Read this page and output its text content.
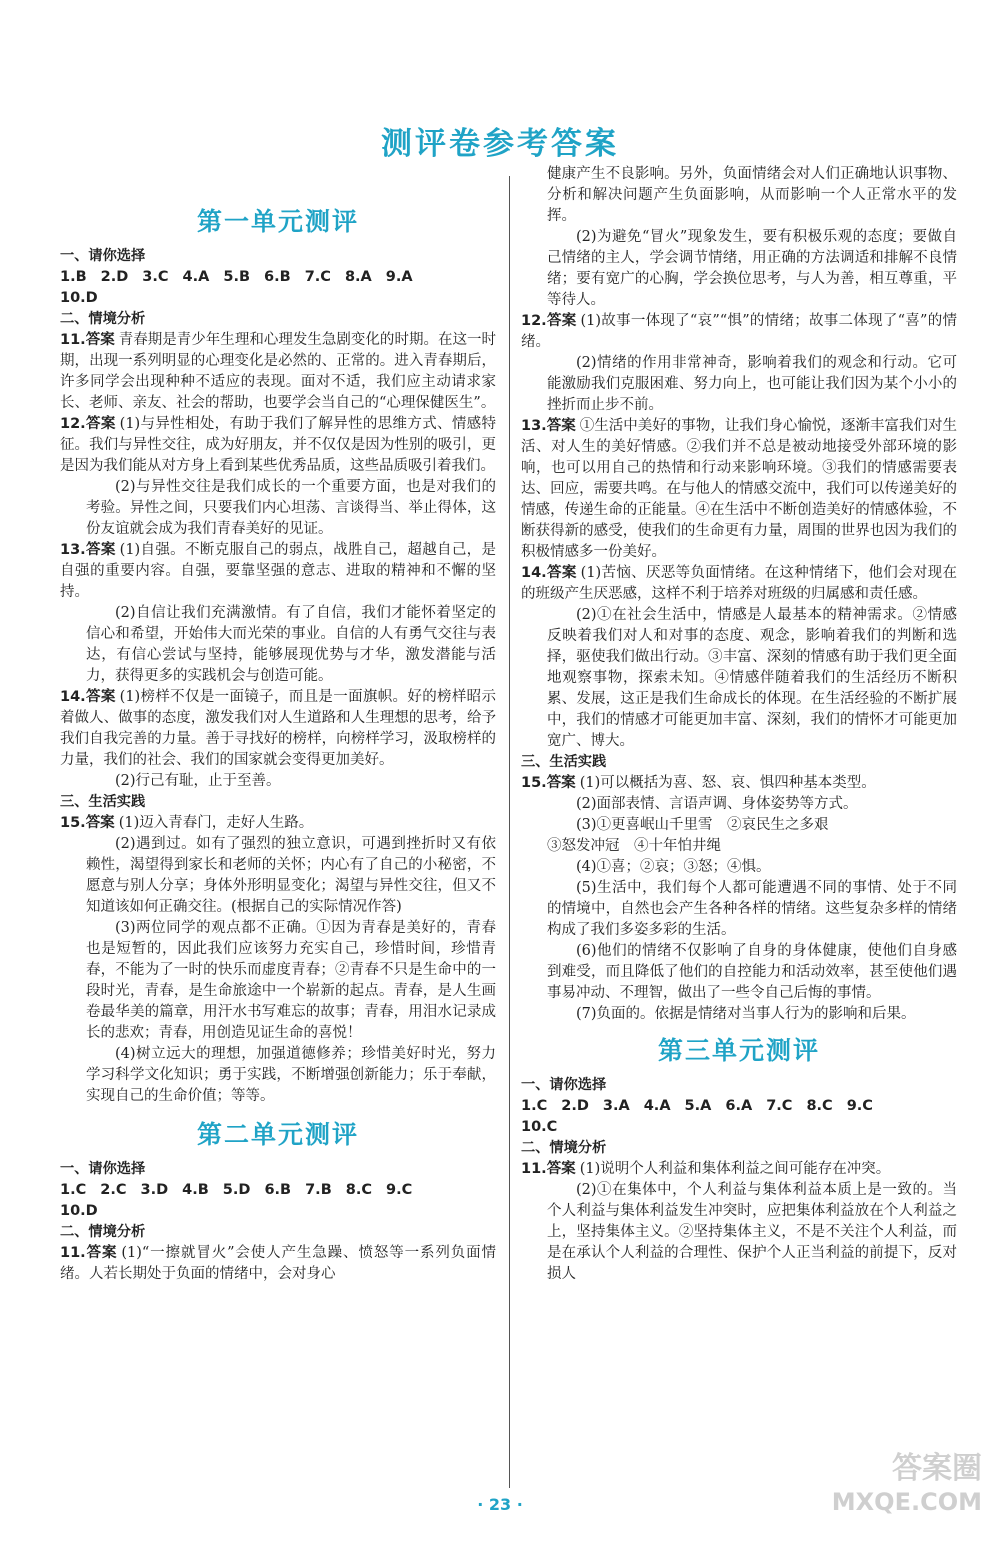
测评卷参考答案
第一单元测评
一、请你选择
1.B 2.D 3.C 4.A 5.B 6.B 7.C 8.A 9.A
10.D
二、情境分析
11.答案 青春期是青少年生理和心理发生急剧变化的时期。在这一时期，出现一系列明显的心理变化是必然的、正常的。进入青春期后，许多同学会出现种种不适应的表现。面对不适，我们应主动请求家长、老师、亲友、社会的帮助，也要学会当自己的“心理保健医生”。
12.答案 (1)与异性相处，有助于我们了解异性的思维方式、情感特征。我们与异性交往，成为好朋友，并不仅仅是因为性别的吸引，更是因为我们能从对方身上看到某些优秀品质，这些品质吸引着我们。
(2)与异性交往是我们成长的一个重要方面，也是对我们的考验。异性之间，只要我们内心坦荡、言谈得当、举止得体，这份友谊就会成为我们青春美好的见证。
13.答案 (1)自强。不断克服自己的弱点，战胜自己，超越自己，是自强的重要内容。自强，要靠坚强的意志、进取的精神和不懈的坚持。
(2)自信让我们充满激情。有了自信，我们才能怀着坚定的信心和希望，开始伟大而光荣的事业。自信的人有勇气交往与表达，有信心尝试与坚持，能够展现优势与才华，激发潜能与活力，获得更多的实践机会与创造可能。
14.答案 (1)榜样不仅是一面镜子，而且是一面旗帜。好的榜样昭示着做人、做事的态度，激发我们对人生道路和人生理想的思考，给予我们自我完善的力量。善于寻找好的榜样，向榜样学习，汲取榜样的力量，我们的社会、我们的国家就会变得更加美好。
(2)行己有耻，止于至善。
三、生活实践
15.答案 (1)迈入青春门，走好人生路。
(2)遇到过。如有了强烈的独立意识，可遇到挫折时又有依赖性，渴望得到家长和老师的关怀；内心有了自己的小秘密，不愿意与别人分享；身体外形明显变化；渴望与异性交往，但又不知道该如何正确交往。(根据自己的实际情况作答)
(3)两位同学的观点都不正确。①因为青春是美好的，青春也是短暂的，因此我们应该努力充实自己，珍惜时间，珍惜青春，不能为了一时的快乐而虚度青春；②青春不只是生命中的一段时光，青春，是生命旅途中一个崭新的起点。青春，是人生画卷最华美的篇章，用汗水书写难忘的故事；青春，用泪水记录成长的悲欢；青春，用创造见证生命的喜悦！
(4)树立远大的理想，加强道德修养；珍惜美好时光，努力学习科学文化知识；勇于实践，不断增强创新能力；乐于奉献，实现自己的生命价值；等等。
第二单元测评
一、请你选择
1.C 2.C 3.D 4.B 5.D 6.B 7.B 8.C 9.C
10.D
二、情境分析
11.答案 (1)“一擦就冒火”会使人产生急躁、愤怒等一系列负面情绪。人若长期处于负面的情绪中，会对身心
健康产生不良影响。另外，负面情绪会对人们正确地认识事物、分析和解决问题产生负面影响，从而影响一个人正常水平的发挥。
(2)为避免“冒火”现象发生，要有积极乐观的态度；要做自己情绪的主人，学会调节情绪，用正确的方法调适和排解不良情绪；要有宽广的心胸，学会换位思考，与人为善，相互尊重，平等待人。
12.答案 (1)故事一体现了“哀”“惧”的情绪；故事二体现了“喜”的情绪。
(2)情绪的作用非常神奇，影响着我们的观念和行动。它可能激励我们克服困难、努力向上，也可能让我们因为某个小小的挫折而止步不前。
13.答案 ①生活中美好的事物，让我们身心愉悦，逐渐丰富我们对生活、对人生的美好情感。②我们并不总是被动地接受外部环境的影响，也可以用自己的热情和行动来影响环境。③我们的情感需要表达、回应，需要共鸣。在与他人的情感交流中，我们可以传递美好的情感，传递生命的正能量。④在生活中不断创造美好的情感体验，不断获得新的感受，使我们的生命更有力量，周围的世界也因为我们的积极情感多一份美好。
14.答案 (1)苦恼、厌恶等负面情绪。在这种情绪下，他们会对现在的班级产生厌恶感，这样不利于培养对班级的归属感和责任感。
(2)①在社会生活中，情感是人最基本的精神需求。②情感反映着我们对人和对事的态度、观念，影响着我们的判断和选择，驱使我们做出行动。③丰富、深刻的情感有助于我们更全面地观察事物，探索未知。④情感伴随着我们的生活经历不断积累、发展，这正是我们生命成长的体现。在生活经验的不断扩展中，我们的情感才可能更加丰富、深刻，我们的情怀才可能更加宽广、博大。
三、生活实践
15.答案 (1)可以概括为喜、怒、哀、惧四种基本类型。
(2)面部表情、言语声调、身体姿势等方式。
(3)①更喜岷山千里雪　②哀民生之多艰
③怒发冲冠　④十年怕井绳
(4)①喜；②哀；③怒；④惧。
(5)生活中，我们每个人都可能遭遇不同的事情、处于不同的情境中，自然也会产生各种各样的情绪。这些复杂多样的情绪构成了我们多姿多彩的生活。
(6)他们的情绪不仅影响了自身的身体健康，使他们自身感到难受，而且降低了他们的自控能力和活动效率，甚至使他们遇事易冲动、不理智，做出了一些令自己后悔的事情。
(7)负面的。依据是情绪对当事人行为的影响和后果。
第三单元测评
一、请你选择
1.C 2.D 3.A 4.A 5.A 6.A 7.C 8.C 9.C
10.C
二、情境分析
11.答案 (1)说明个人利益和集体利益之间可能存在冲突。
(2)①在集体中，个人利益与集体利益本质上是一致的。当个人利益与集体利益发生冲突时，应把集体利益放在个人利益之上，坚持集体主义。②坚持集体主义，不是不关注个人利益，而是在承认个人利益的合理性、保护个人正当利益的前提下，反对损人
· 23 ·
答案圈
MXQE.COM
